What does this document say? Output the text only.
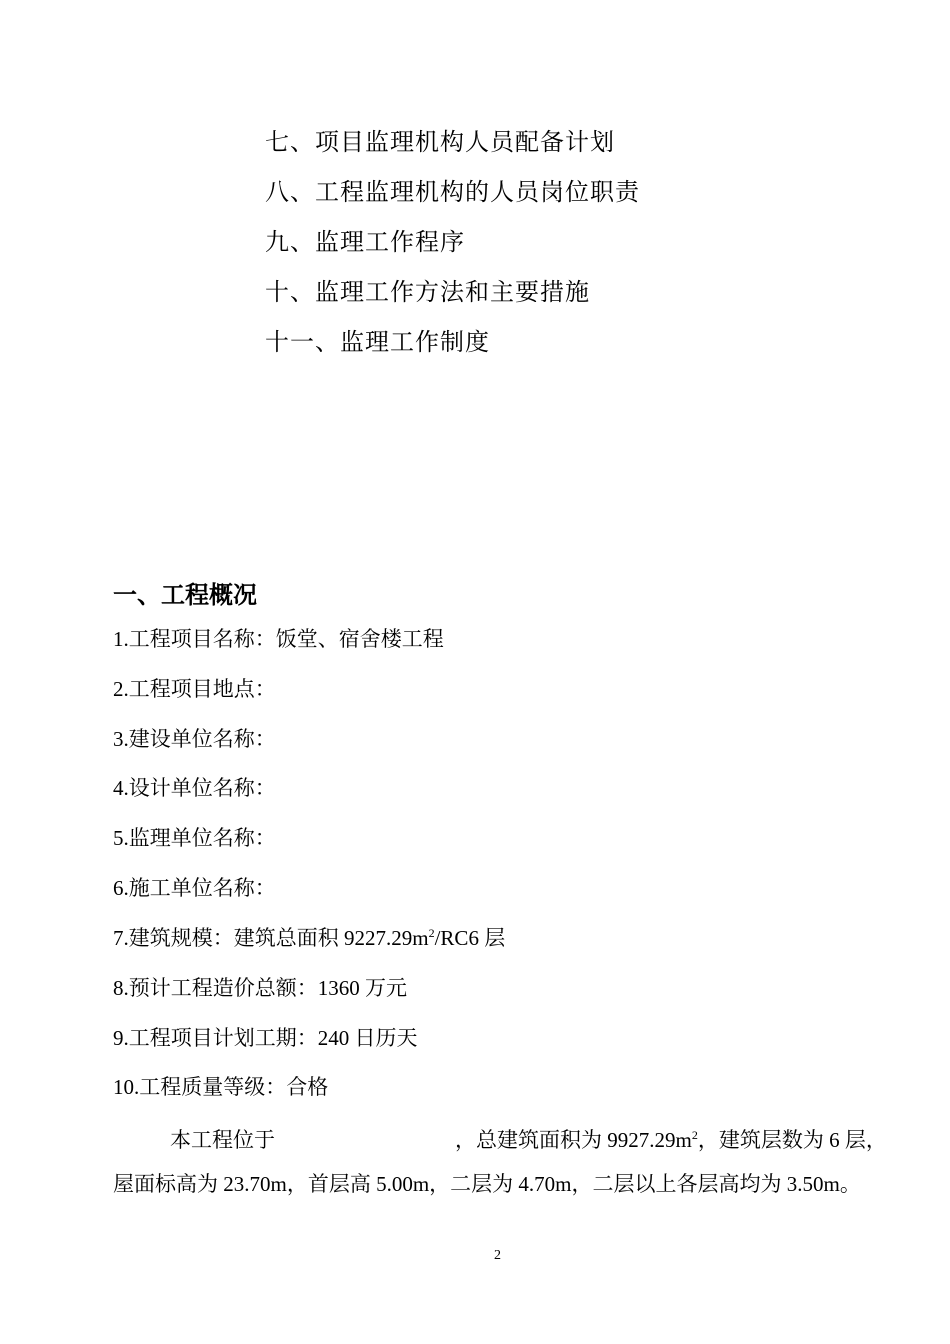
七、项目监理机构人员配备计划
八、工程监理机构的人员岗位职责
九、监理工作程序
十、监理工作方法和主要措施
十一、监理工作制度
一、工程概况
1.工程项目名称：饭堂、宿舍楼工程
2.工程项目地点：
3.建设单位名称：
4.设计单位名称：
5.监理单位名称：
6.施工单位名称：
7.建筑规模：建筑总面积 $9227.29m^2/RC6$ 层
8.预计工程造价总额：1360 万元
9.工程项目计划工期：240 日历天
10.工程质量等级：合格
本工程位于	，总建筑面积为 $9927.29m^2$，建筑层数为 6 层，屋面标高为 23.70m，首层高 5.00m，二层为 4.70m，二层以上各层高均为 3.50m。
2
